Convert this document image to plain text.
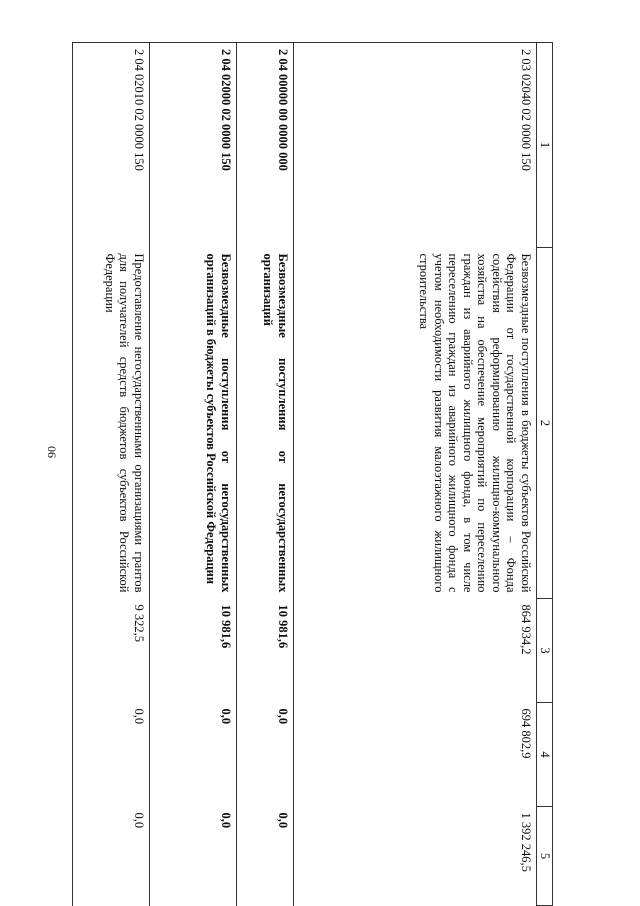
90
1	2	3	4	5
2 03 02040 02 0000 150	Безвозмездные поступления в бюджеты субъектов Российской Федерации от государственной корпорации – Фонда содействия реформированию жилищно-коммунального хозяйства на обеспечение мероприятий по переселению граждан из аварийного жилищного фонда, в том числе переселению граждан из аварийного жилищного фонда с учетом необходимости развития малоэтажного жилищного строительства	864 934,2	694 802,9	1 392 246,5
2 04 00000 00 0000 000	Безвозмездные поступления от негосударственных организаций	10 981,6	0,0	0,0
2 04 02000 02 0000 150	Безвозмездные поступления от негосударственных организаций в бюджеты субъектов Российской Федерации	10 981,6	0,0	0,0
2 04 02010 02 0000 150	Предоставление негосударственными организациями грантов для получателей средств бюджетов субъектов Российской Федерации	9 322,5	0,0	0,0
